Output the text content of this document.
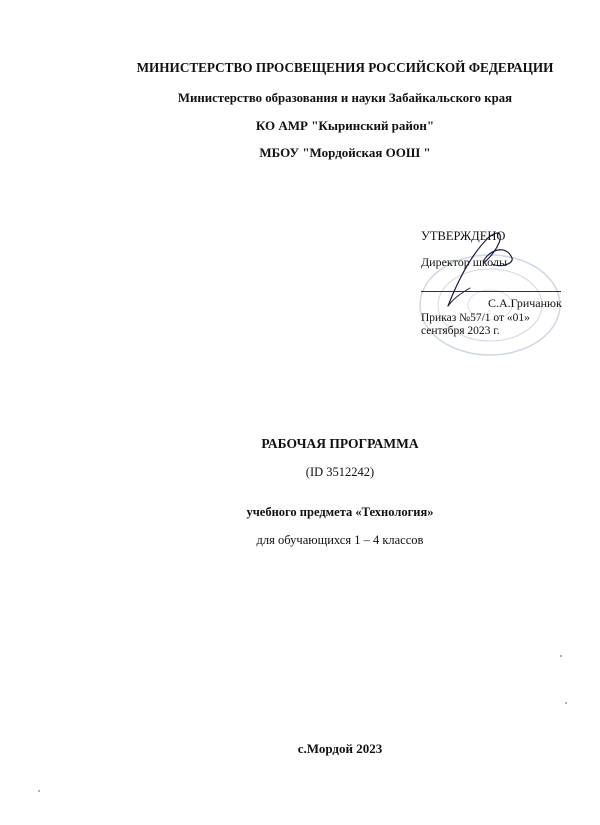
МИНИСТЕРСТВО ПРОСВЕЩЕНИЯ РОССИЙСКОЙ ФЕДЕРАЦИИ
Министерство образования и науки Забайкальского края
КО АМР "Кыринский район"
МБОУ "Мордойская ООШ "
УТВЕРЖДЕНО
Директор школы
С.А.Гричанюк
Приказ №57/1 от «01»
сентября 2023 г.
РАБОЧАЯ ПРОГРАММА
(ID 3512242)
учебного предмета «Технология»
для обучающихся 1 – 4 классов
с.Мордой 2023
